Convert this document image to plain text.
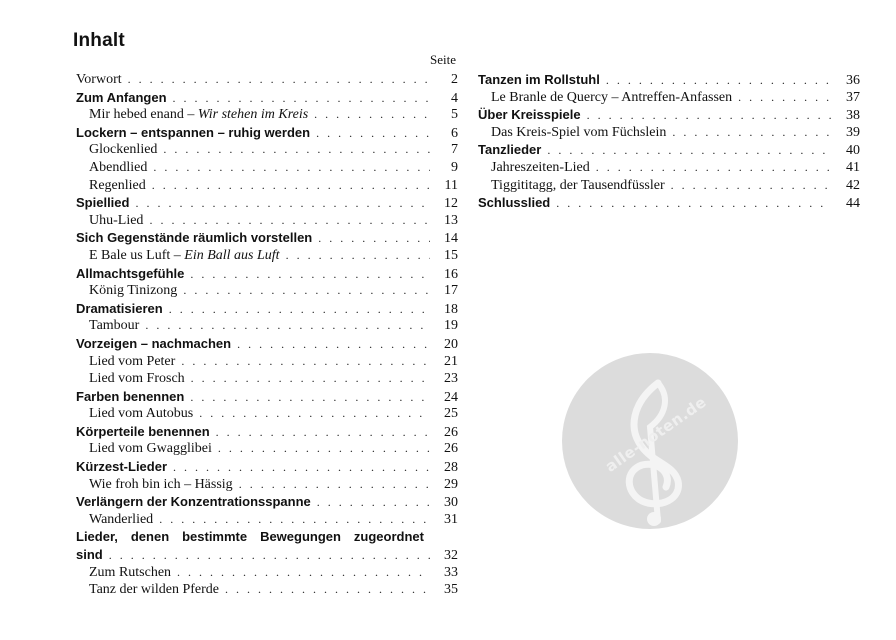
Inhalt
Seite
Vorwort . . .	2
Zum Anfangen . . .	4
Mir hebed enand – Wir stehen im Kreis . . .	5
Lockern – entspannen – ruhig werden . . .	6
Glockenlied . . .	7
Abendlied . . .	9
Regenlied . . .	11
Spiellied . . .	12
Uhu-Lied . . .	13
Sich Gegenstände räumlich vorstellen . . .	14
E Bale us Luft – Ein Ball aus Luft . . .	15
Allmachtsgefühle . . .	16
König Tinizong . . .	17
Dramatisieren . . .	18
Tambour . . .	19
Vorzeigen – nachmachen . . .	20
Lied vom Peter . . .	21
Lied vom Frosch . . .	23
Farben benennen . . .	24
Lied vom Autobus . . .	25
Körperteile benennen . . .	26
Lied vom Gwagglibei . . .	26
Kürzest-Lieder . . .	28
Wie froh bin ich – Hässig . . .	29
Verlängern der Konzentrationsspanne . . .	30
Wanderlied . . .	31
Lieder, denen bestimmte Bewegungen zugeordnet
sind . . .	32
Zum Rutschen . . .	33
Tanz der wilden Pferde . . .	35
Tanzen im Rollstuhl . . .	36
Le Branle de Quercy – Antreffen-Anfassen . . .	37
Über Kreisspiele . . .	38
Das Kreis-Spiel vom Füchslein . . .	39
Tanzlieder . . .	40
Jahreszeiten-Lied . . .	41
Tiggititagg, der Tausendfüssler . . .	42
Schlusslied . . .	44
alle-noten.de
